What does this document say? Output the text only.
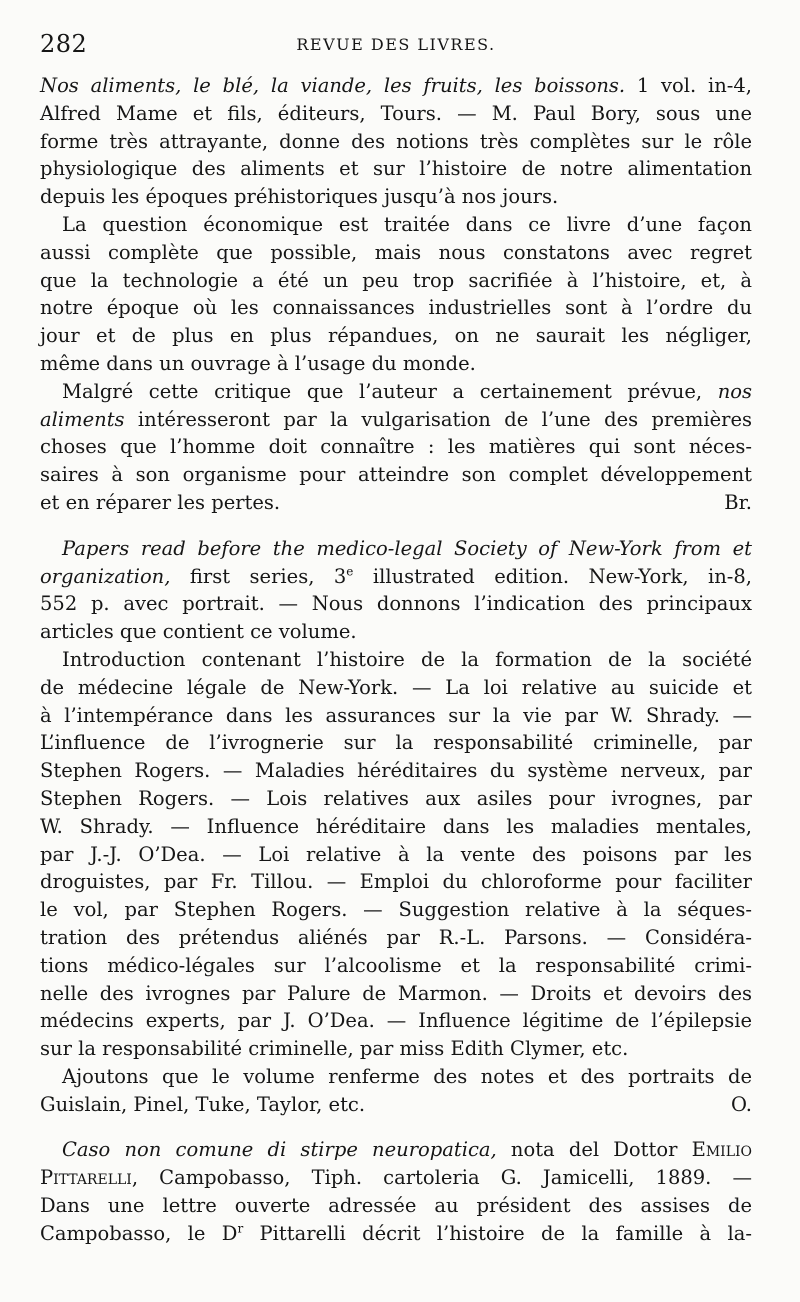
282	REVUE DES LIVRES.
Nos aliments, le blé, la viande, les fruits, les boissons. 1 vol. in-4,
Alfred Mame et fils, éditeurs, Tours. — M. Paul Bory, sous une
forme très attrayante, donne des notions très complètes sur le rôle
physiologique des aliments et sur l’histoire de notre alimentation
depuis les époques préhistoriques jusqu’à nos jours.
La question économique est traitée dans ce livre d’une façon
aussi complète que possible, mais nous constatons avec regret
que la technologie a été un peu trop sacrifiée à l’histoire, et, à
notre époque où les connaissances industrielles sont à l’ordre du
jour et de plus en plus répandues, on ne saurait les négliger,
même dans un ouvrage à l’usage du monde.
Malgré cette critique que l’auteur a certainement prévue, nos
aliments intéresseront par la vulgarisation de l’une des premières
choses que l’homme doit connaître : les matières qui sont néces-
saires à son organisme pour atteindre son complet développement
et en réparer les pertes.	Br.
Papers read before the medico-legal Society of New-York from et
organization, first series, 3e illustrated edition. New-York, in-8,
552 p. avec portrait. — Nous donnons l’indication des principaux
articles que contient ce volume.
Introduction contenant l’histoire de la formation de la société
de médecine légale de New-York. — La loi relative au suicide et
à l’intempérance dans les assurances sur la vie par W. Shrady. —
L’influence de l’ivrognerie sur la responsabilité criminelle, par
Stephen Rogers. — Maladies héréditaires du système nerveux, par
Stephen Rogers. — Lois relatives aux asiles pour ivrognes, par
W. Shrady. — Influence héréditaire dans les maladies mentales,
par J.-J. O’Dea. — Loi relative à la vente des poisons par les
droguistes, par Fr. Tillou. — Emploi du chloroforme pour faciliter
le vol, par Stephen Rogers. — Suggestion relative à la séques-
tration des prétendus aliénés par R.-L. Parsons. — Considéra-
tions médico-légales sur l’alcoolisme et la responsabilité crimi-
nelle des ivrognes par Palure de Marmon. — Droits et devoirs des
médecins experts, par J. O’Dea. — Influence légitime de l’épilepsie
sur la responsabilité criminelle, par miss Edith Clymer, etc.
Ajoutons que le volume renferme des notes et des portraits de
Guislain, Pinel, Tuke, Taylor, etc.	O.
Caso non comune di stirpe neuropatica, nota del Dottor Emilio
Pittarelli, Campobasso, Tiph. cartoleria G. Jamicelli, 1889. —
Dans une lettre ouverte adressée au président des assises de
Campobasso, le $D^r$ Pittarelli décrit l’histoire de la famille à la-
